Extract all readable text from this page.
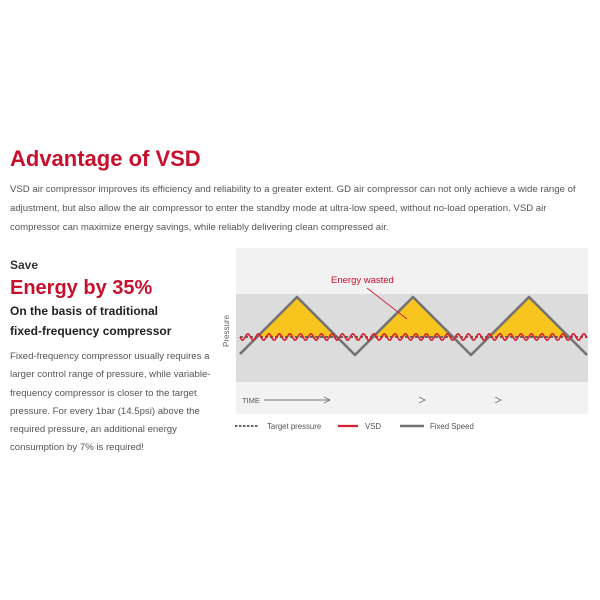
Advantage of VSD

VSD air compressor improves its efficiency and reliability to a greater extent. GD air compressor can not only achieve a wide range of adjustment, but also allow the air compressor to enter the standby mode at ultra-low speed, without no-load operation. VSD air compressor can maximize energy savings, while reliably delivering clean compressed air.

Save
Energy by 35%
On the basis of traditional
fixed-frequency compressor
Fixed-frequency compressor usually requires a larger control range of pressure, while variable-frequency compressor is closer to the target pressure. For every 1bar (14.5psi) above the required pressure, an additional energy consumption by 7% is required!
Energy wasted
Pressure
TIME
Target pressure	VSD	Fixed Speed
